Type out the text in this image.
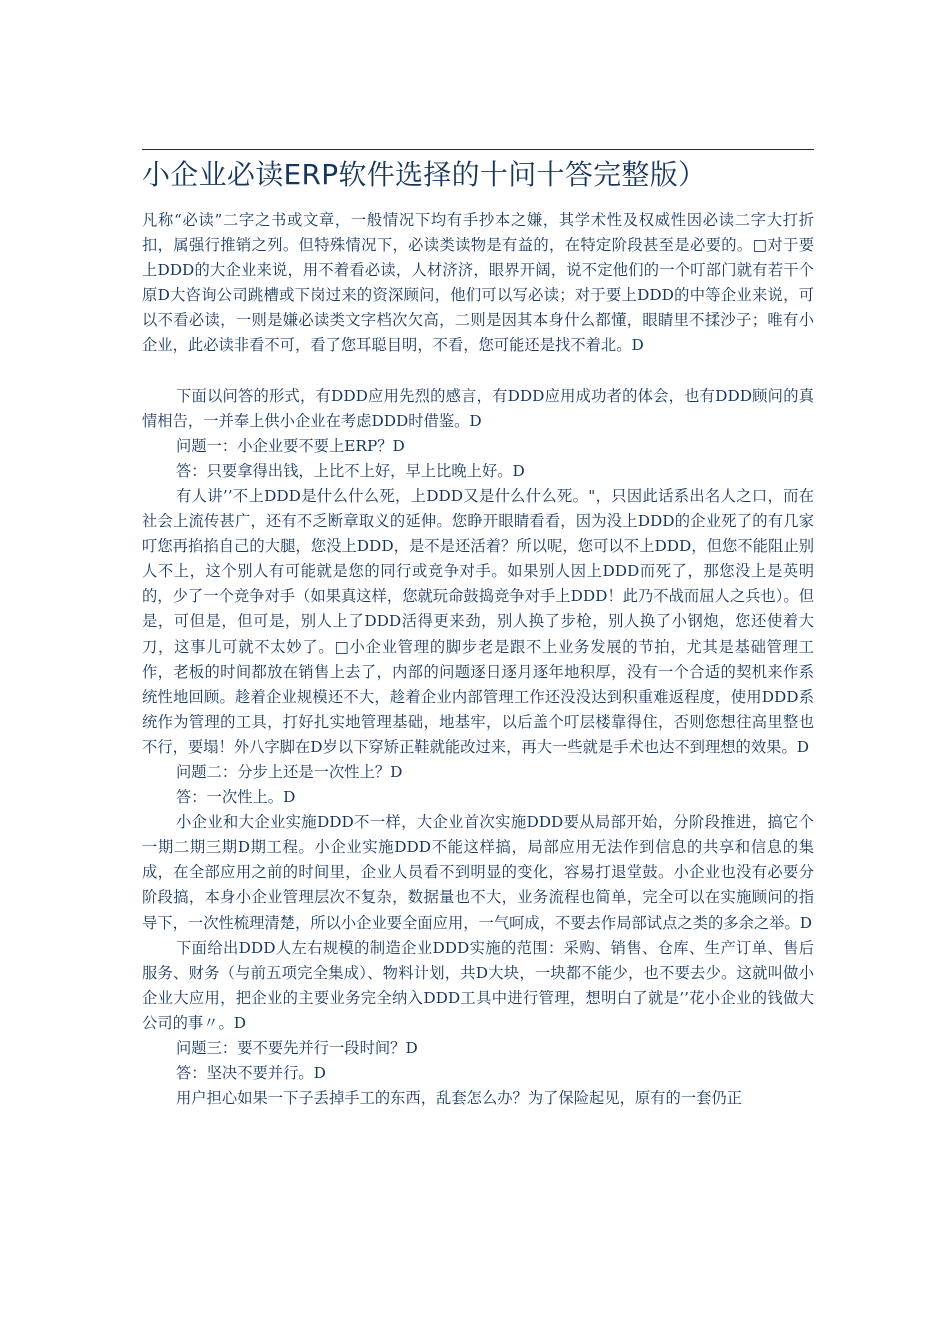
小企业必读ERP软件选择的十问十答完整版）

凡称“必读”二字之书或文章，一般情况下均有手抄本之嫌，其学术性及权威性因必读二字大打折扣，属强行推销之列。但特殊情况下，必读类读物是有益的，在特定阶段甚至是必要的。□对于要上DDD的大企业来说，用不着看必读，人材济济，眼界开阔，说不定他们的一个叮部门就有若干个原D大咨询公司跳槽或下岗过来的资深顾问，他们可以写必读；对于要上DDD的中等企业来说，可以不看必读，一则是嫌必读类文字档次欠高，二则是因其本身什么都懂，眼睛里不揉沙子；唯有小企业，此必读非看不可，看了您耳聪目明，不看，您可能还是找不着北。D

下面以问答的形式，有DDD应用先烈的感言，有DDD应用成功者的体会，也有DDD顾问的真情相告，一并奉上供小企业在考虑DDD时借鉴。D

问题一：小企业要不要上ERP？D

答：只要拿得出钱，上比不上好，早上比晚上好。D

有人讲’’不上DDD是什么什么死，上DDD又是什么什么死。"，只因此话系出名人之口，而在社会上流传甚广，还有不乏断章取义的延伸。您睁开眼睛看看，因为没上DDD的企业死了的有几家叮您再掐掐自己的大腿，您没上DDD，是不是还活着？所以呢，您可以不上DDD，但您不能阻止别人不上，这个别人有可能就是您的同行或竞争对手。如果别人因上DDD而死了，那您没上是英明的，少了一个竞争对手（如果真这样，您就玩命鼓捣竞争对手上DDD！此乃不战而屈人之兵也）。但是，可但是，但可是，别人上了DDD活得更来劲，别人换了步枪，别人换了小钢炮，您还使着大刀，这事儿可就不太妙了。□小企业管理的脚步老是跟不上业务发展的节拍，尤其是基础管理工作，老板的时间都放在销售上去了，内部的问题逐日逐月逐年地积厚，没有一个合适的契机来作系统性地回顾。趁着企业规模还不大，趁着企业内部管理工作还没没达到积重难返程度，使用DDD系统作为管理的工具，打好扎实地管理基础，地基牢，以后盖个叮层楼靠得住，否则您想往高里整也不行，要塌！外八字脚在D岁以下穿矫正鞋就能改过来，再大一些就是手术也达不到理想的效果。D

问题二：分步上还是一次性上？D

答：一次性上。D

小企业和大企业实施DDD不一样，大企业首次实施DDD要从局部开始，分阶段推进，搞它个一期二期三期D期工程。小企业实施DDD不能这样搞，局部应用无法作到信息的共享和信息的集成，在全部应用之前的时间里，企业人员看不到明显的变化，容易打退堂鼓。小企业也没有必要分阶段搞，本身小企业管理层次不复杂，数据量也不大，业务流程也简单，完全可以在实施顾问的指导下，一次性梳理清楚，所以小企业要全面应用，一气呵成，不要去作局部试点之类的多余之举。D

下面给出DDD人左右规模的制造企业DDD实施的范围：采购、销售、仓库、生产订单、售后服务、财务（与前五项完全集成）、物料计划，共D大块，一块都不能少，也不要去少。这就叫做小企业大应用，把企业的主要业务完全纳入DDD工具中进行管理，想明白了就是’’花小企业的钱做大公司的事〃。D

问题三：要不要先并行一段时间？D

答：坚决不要并行。D

用户担心如果一下子丢掉手工的东西，乱套怎么办？为了保险起见，原有的一套仍正
